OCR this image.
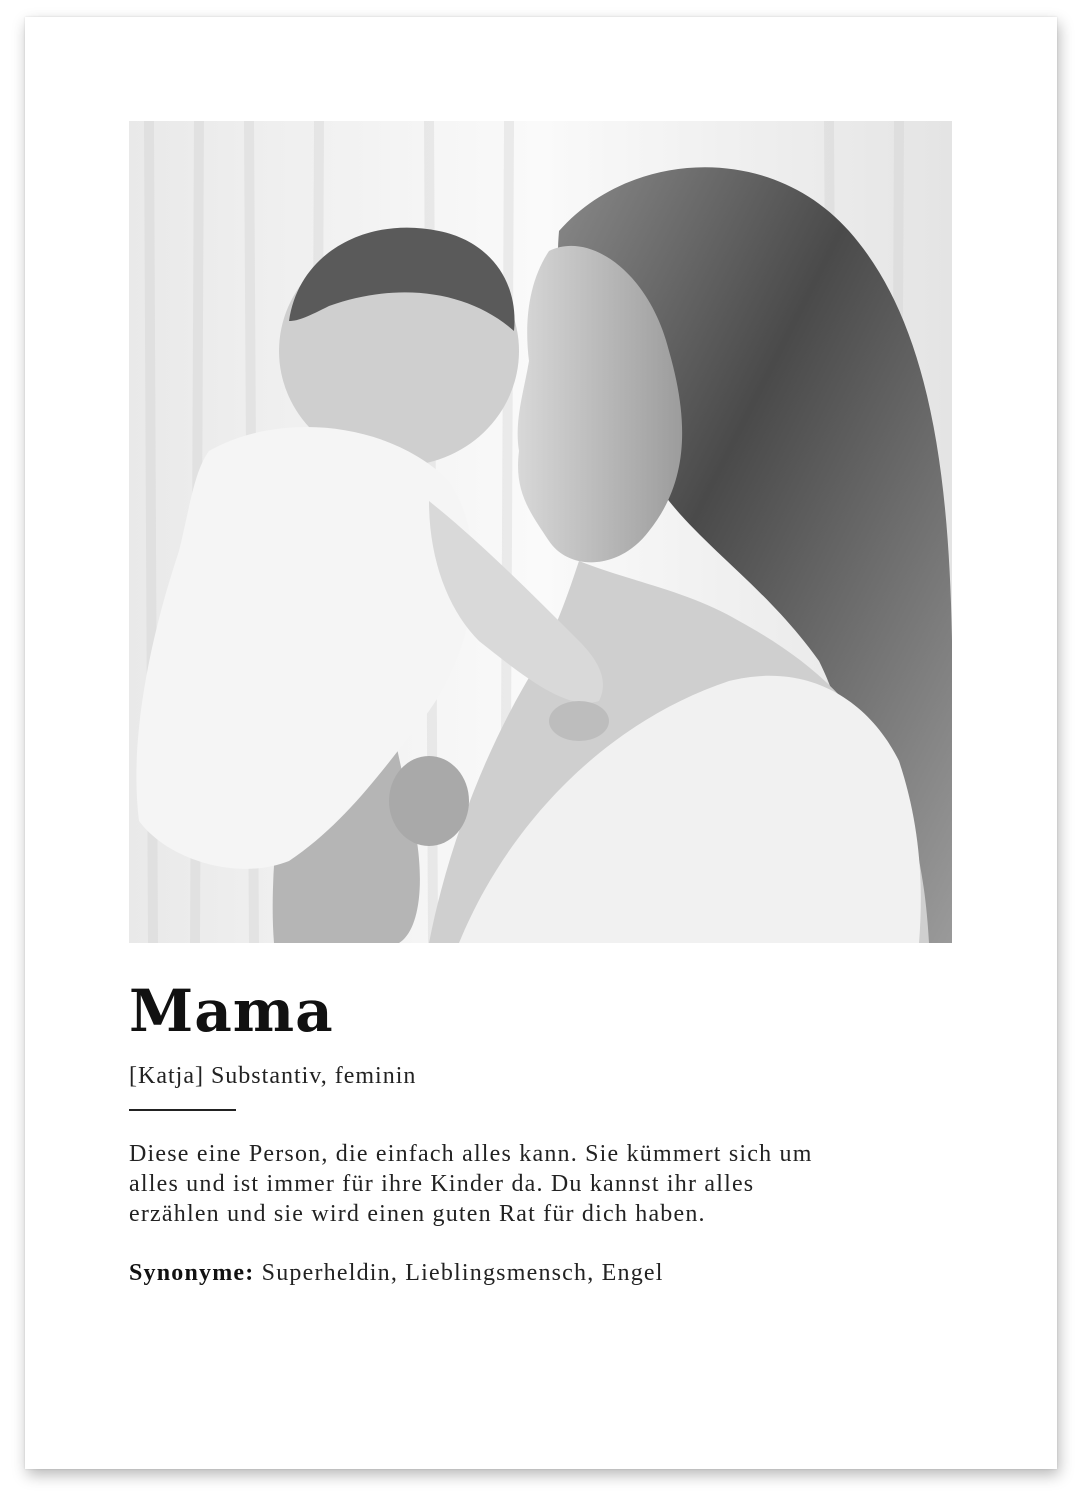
Mama

[Katja] Substantiv, feminin

Diese eine Person, die einfach alles kann. Sie kümmert sich um
alles und ist immer für ihre Kinder da. Du kannst ihr alles
erzählen und sie wird einen guten Rat für dich haben.

Synonyme: Superheldin, Lieblingsmensch, Engel
